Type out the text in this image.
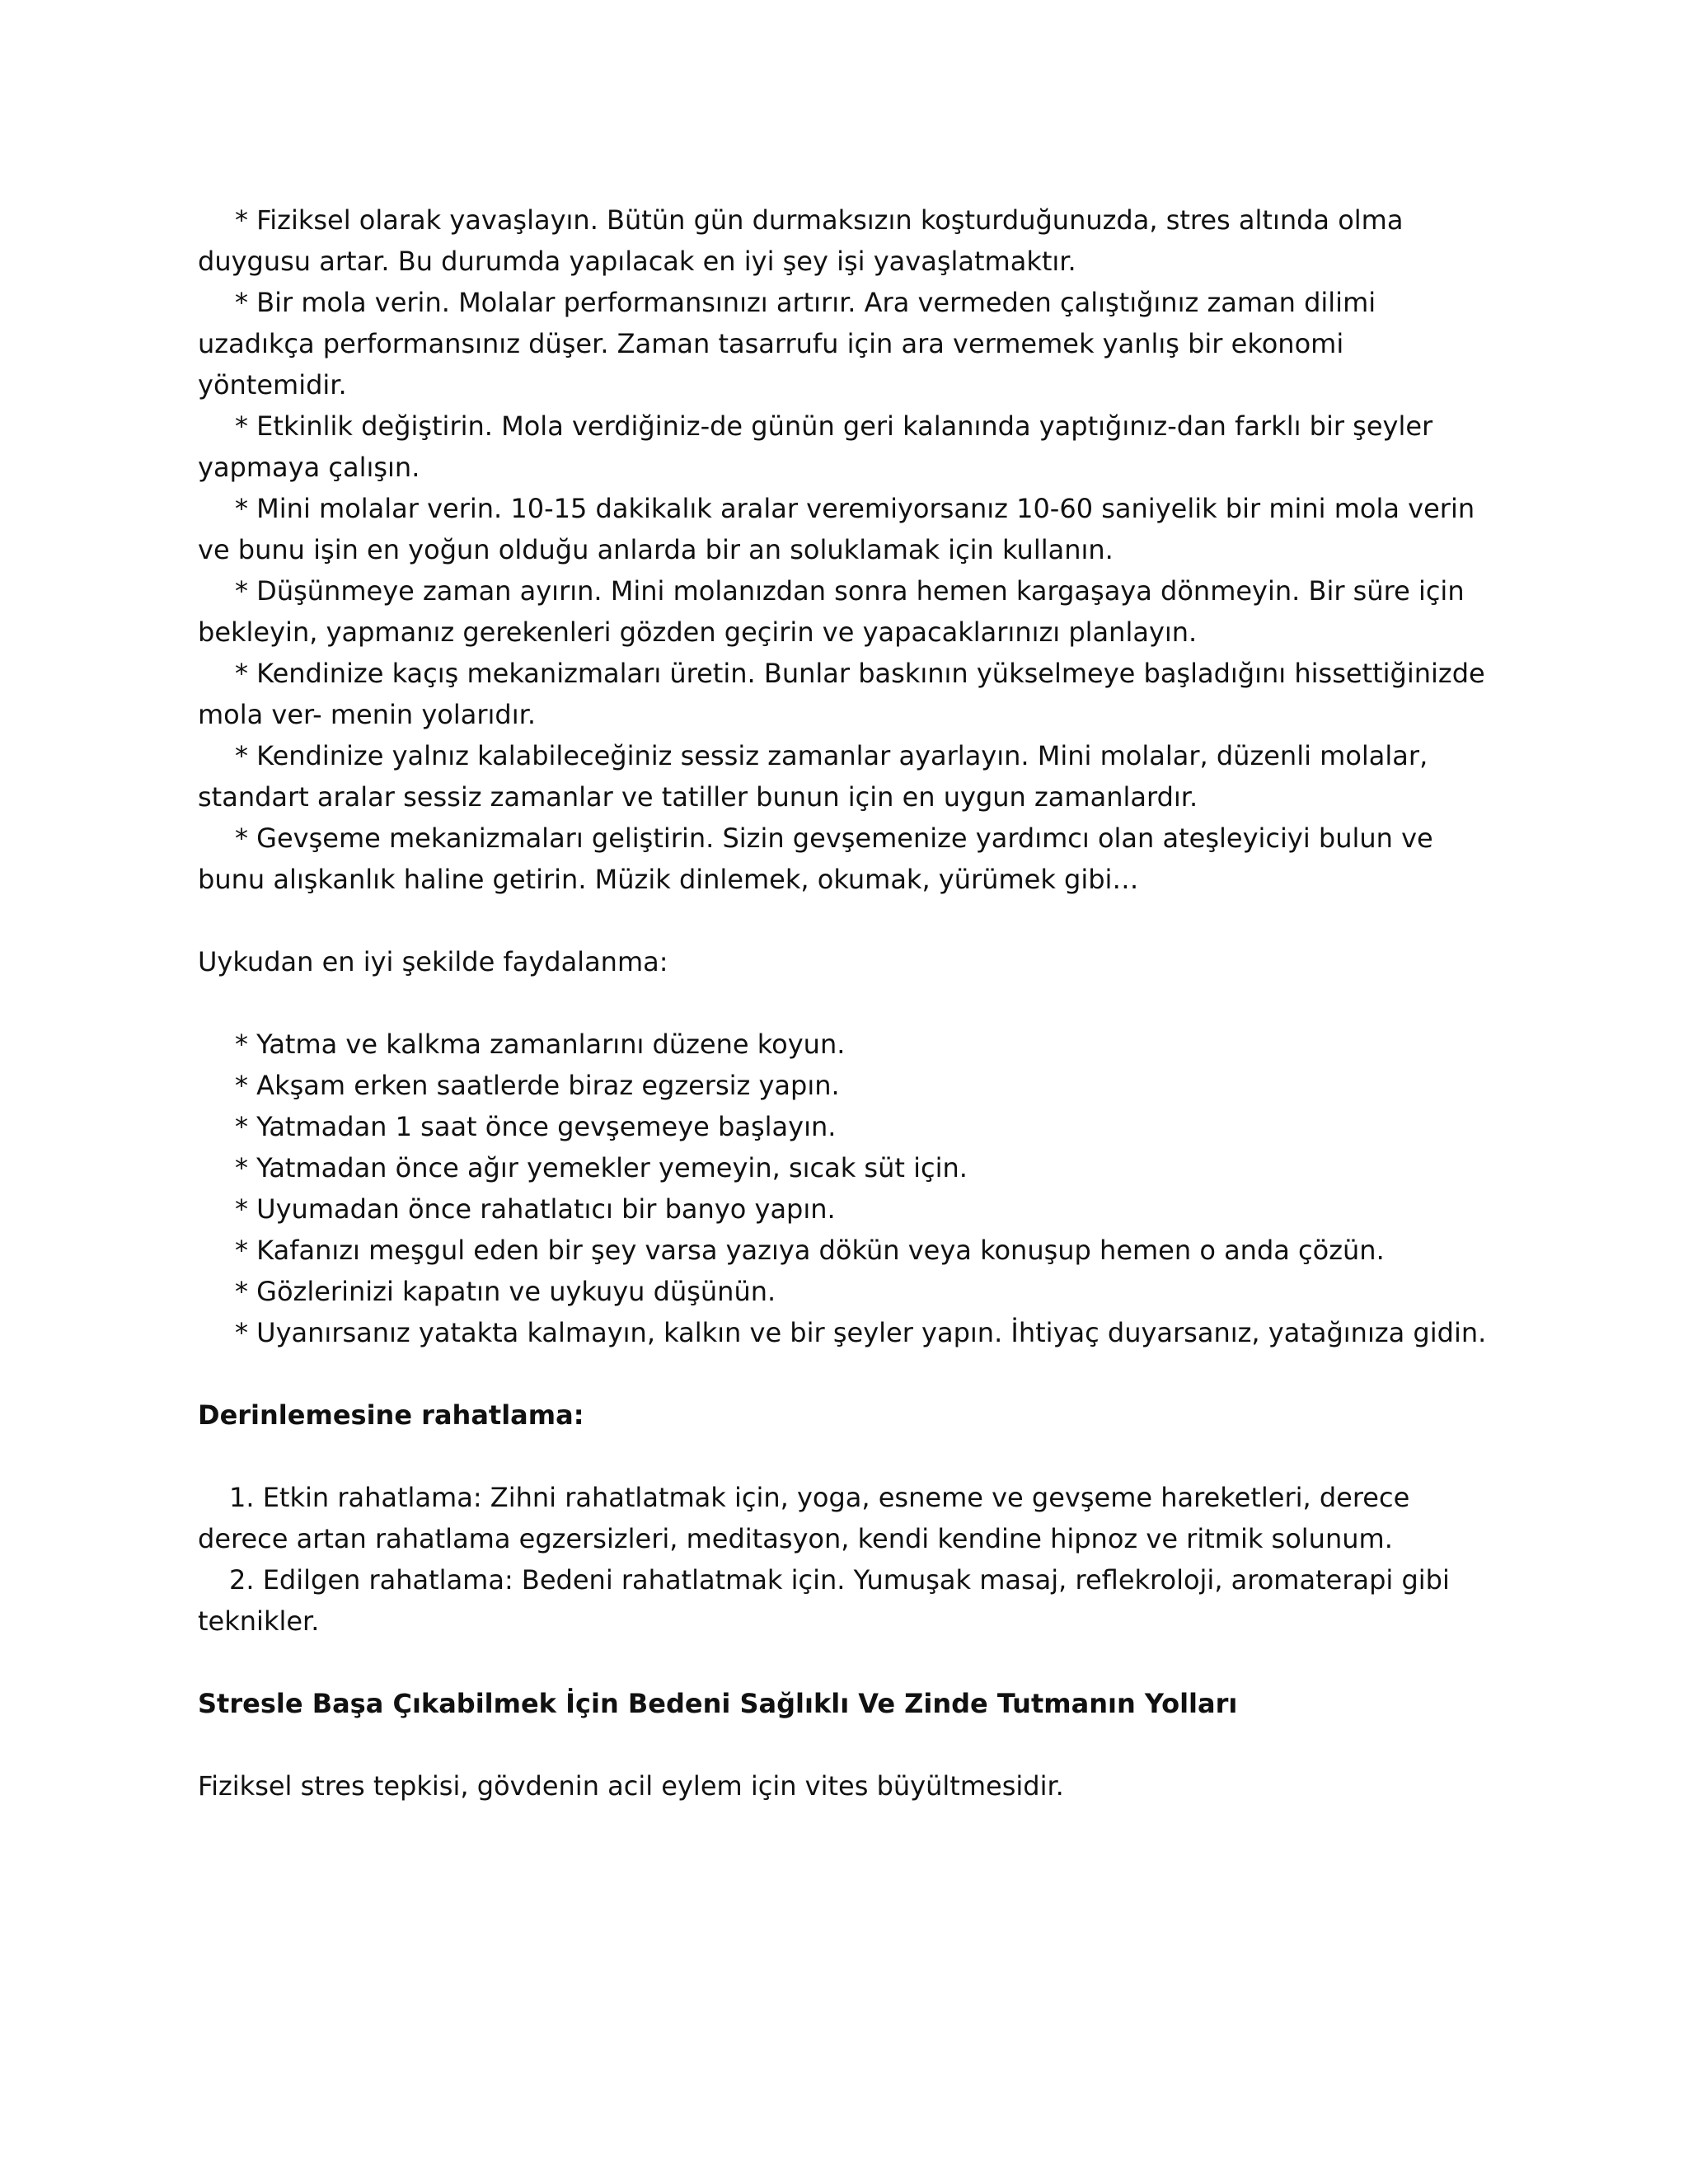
* Fiziksel olarak yavaşlayın. Bütün gün durmaksızın koşturduğunuzda, stres altında olma duygusu artar. Bu durumda yapılacak en iyi şey işi yavaşlatmaktır.

* Bir mola verin. Molalar performansınızı artırır. Ara vermeden çalıştığınız zaman dilimi uzadıkça performansınız düşer. Zaman tasarrufu için ara vermemek yanlış bir ekonomi yöntemidir.

* Etkinlik değiştirin. Mola verdiğiniz-de günün geri kalanında yaptığınız-dan farklı bir şeyler yapmaya çalışın.

* Mini molalar verin. 10-15 dakikalık aralar veremiyorsanız 10-60 saniyelik bir mini mola verin ve bunu işin en yoğun olduğu anlarda bir an soluklamak için kullanın.

* Düşünmeye zaman ayırın. Mini molanızdan sonra hemen kargaşaya dönmeyin. Bir süre için bekleyin, yapmanız gerekenleri gözden geçirin ve yapacaklarınızı planlayın.

* Kendinize kaçış mekanizmaları üretin. Bunlar baskının yükselmeye başladığını hissettiğinizde mola ver- menin yolarıdır.

* Kendinize yalnız kalabileceğiniz sessiz zamanlar ayarlayın. Mini molalar, düzenli molalar, standart aralar sessiz zamanlar ve tatiller bunun için en uygun zamanlardır.

* Gevşeme mekanizmaları geliştirin. Sizin gevşemenize yardımcı olan ateşleyiciyi bulun ve bunu alışkanlık haline getirin. Müzik dinlemek, okumak, yürümek gibi…

Uykudan en iyi şekilde faydalanma:

* Yatma ve kalkma zamanlarını düzene koyun.

* Akşam erken saatlerde biraz egzersiz yapın.

* Yatmadan 1 saat önce gevşemeye başlayın.

* Yatmadan önce ağır yemekler yemeyin, sıcak süt için.

* Uyumadan önce rahatlatıcı bir banyo yapın.

* Kafanızı meşgul eden bir şey varsa yazıya dökün veya konuşup hemen o anda çözün.

* Gözlerinizi kapatın ve uykuyu düşünün.

* Uyanırsanız yatakta kalmayın, kalkın ve bir şeyler yapın. İhtiyaç duyarsanız, yatağınıza gidin.

Derinlemesine rahatlama:

1. Etkin rahatlama: Zihni rahatlatmak için, yoga, esneme ve gevşeme hareketleri, derece derece artan rahatlama egzersizleri, meditasyon, kendi kendine hipnoz ve ritmik solunum.

2. Edilgen rahatlama: Bedeni rahatlatmak için. Yumuşak masaj, reflekroloji, aromaterapi gibi teknikler.

Stresle Başa Çıkabilmek İçin Bedeni Sağlıklı Ve Zinde Tutmanın Yolları

Fiziksel stres tepkisi, gövdenin acil eylem için vites büyültmesidir.
